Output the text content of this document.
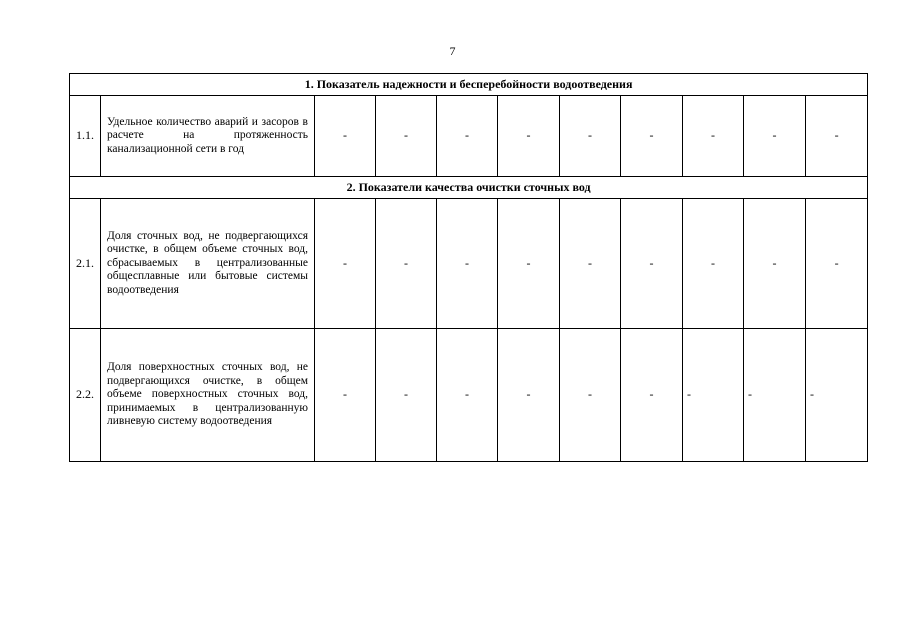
7
1. Показатель надежности и бесперебойности водоотведения										
1.1.	Удельное количество аварий и засоров в расчете на протяженность канализационной сети в год	-	-	-	-	-	-	-	-	-
2. Показатели качества очистки сточных вод										
2.1.	Доля сточных вод, не подвергающихся очистке, в общем объеме сточных вод, сбрасываемых в централизованные общесплавные или бытовые системы водоотведения	-	-	-	-	-	-	-	-	-
2.2.	Доля поверхностных сточных вод, не подвергающихся очистке, в общем объеме поверхностных сточных вод, принимаемых в централизованную ливневую систему водоотведения	-	-	-	-	-	-	-	-	-
